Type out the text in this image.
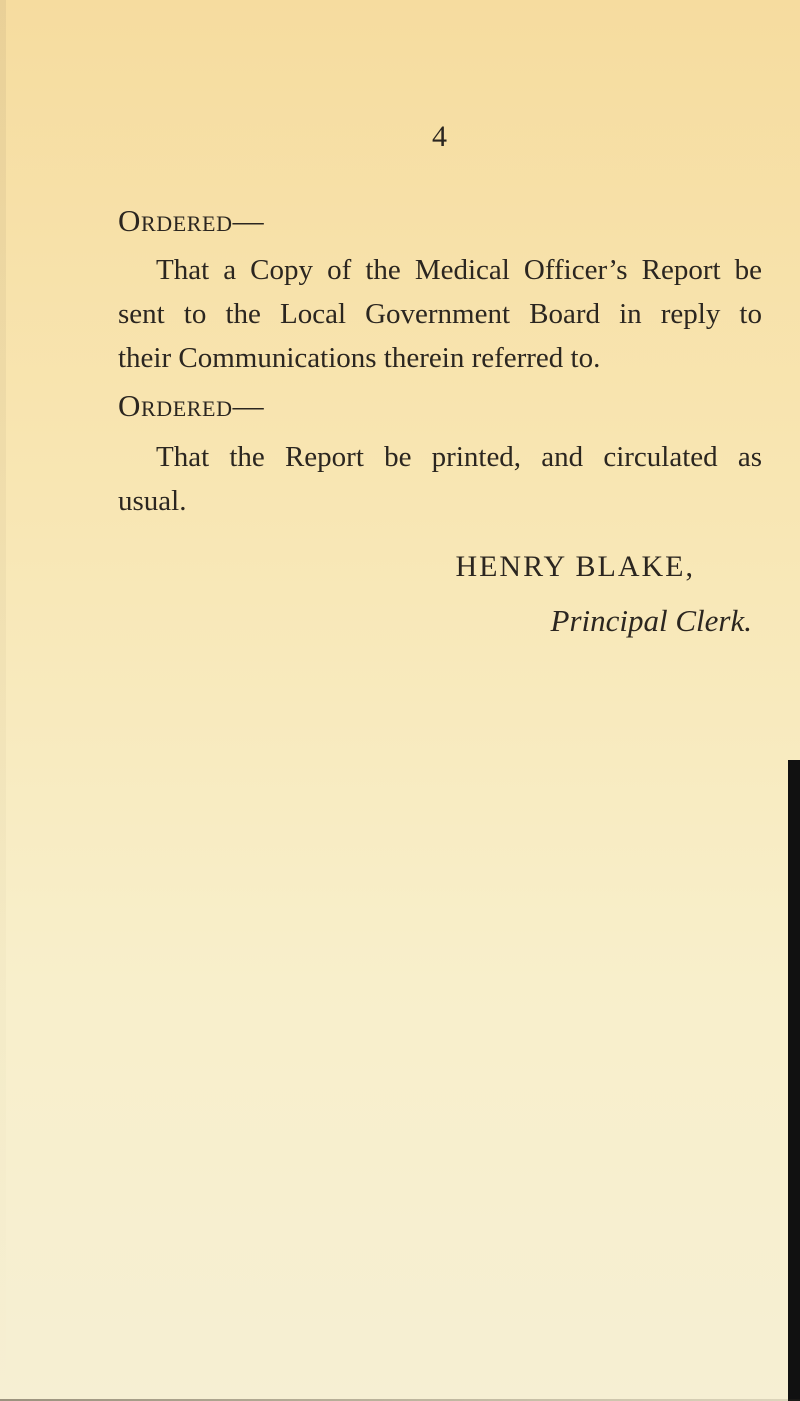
4
Ordered—
That a Copy of the Medical Officer’s Report be
sent to the Local Government Board in reply to
their Communications therein referred to.
Ordered—
That the Report be printed, and circulated as
usual.
HENRY BLAKE,
Principal Clerk.
